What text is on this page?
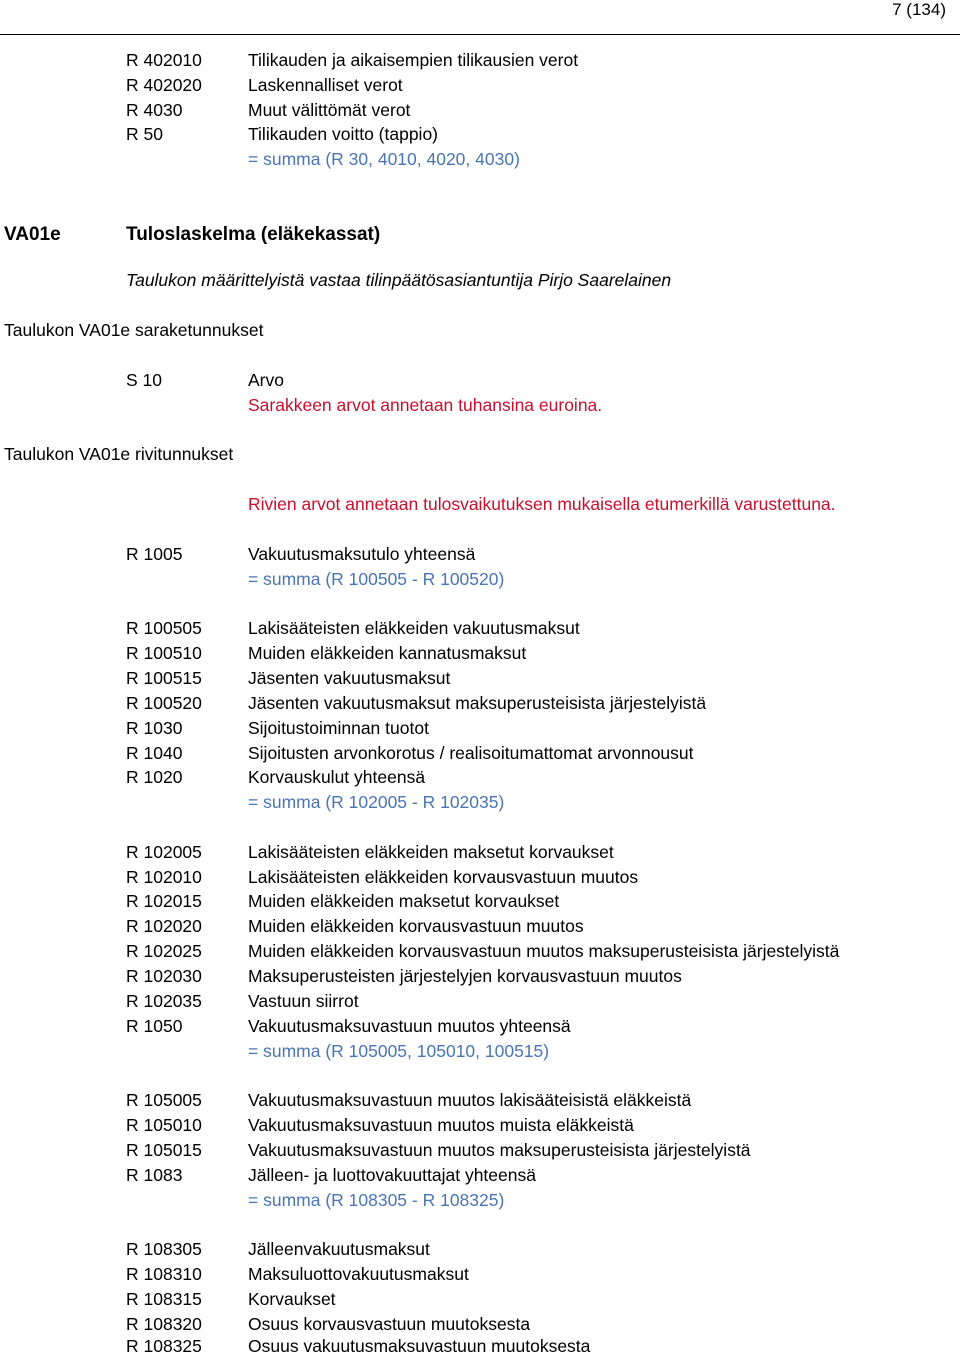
7 (134)
R 402010	Tilikauden ja aikaisempien tilikausien verot
R 402020	Laskennalliset verot
R 4030	Muut välittömät verot
R 50	Tilikauden voitto (tappio)
= summa (R 30, 4010, 4020, 4030)
VA01e	Tuloslaskelma (eläkekassat)
Taulukon määrittelyistä vastaa tilinpäätösasiantuntija Pirjo Saarelainen
Taulukon VA01e saraketunnukset
S 10	Arvo
Sarakkeen arvot annetaan tuhansina euroina.
Taulukon VA01e rivitunnukset
Rivien arvot annetaan tulosvaikutuksen mukaisella etumerkillä varustettuna.
R 1005	Vakuutusmaksutulo yhteensä
= summa (R 100505 - R 100520)
R 100505	Lakisääteisten eläkkeiden vakuutusmaksut
R 100510	Muiden eläkkeiden kannatusmaksut
R 100515	Jäsenten vakuutusmaksut
R 100520	Jäsenten vakuutusmaksut maksuperusteisista järjestelyistä
R 1030	Sijoitustoiminnan tuotot
R 1040	Sijoitusten arvonkorotus / realisoitumattomat arvonnousut
R 1020	Korvauskulut yhteensä
= summa (R 102005 - R 102035)
R 102005	Lakisääteisten eläkkeiden maksetut korvaukset
R 102010	Lakisääteisten eläkkeiden korvausvastuun muutos
R 102015	Muiden eläkkeiden maksetut korvaukset
R 102020	Muiden eläkkeiden korvausvastuun muutos
R 102025	Muiden eläkkeiden korvausvastuun muutos maksuperusteisista järjestelyistä
R 102030	Maksuperusteisten järjestelyjen korvausvastuun muutos
R 102035	Vastuun siirrot
R 1050	Vakuutusmaksuvastuun muutos yhteensä
= summa (R 105005, 105010, 100515)
R 105005	Vakuutusmaksuvastuun muutos lakisääteisistä eläkkeistä
R 105010	Vakuutusmaksuvastuun muutos muista eläkkeistä
R 105015	Vakuutusmaksuvastuun muutos maksuperusteisista järjestelyistä
R 1083	Jälleen- ja luottovakuuttajat yhteensä
= summa (R 108305 - R 108325)
R 108305	Jälleenvakuutusmaksut
R 108310	Maksuluottovakuutusmaksut
R 108315	Korvaukset
R 108320	Osuus korvausvastuun muutoksesta
R 108325	Osuus vakuutusmaksuvastuun muutoksesta
